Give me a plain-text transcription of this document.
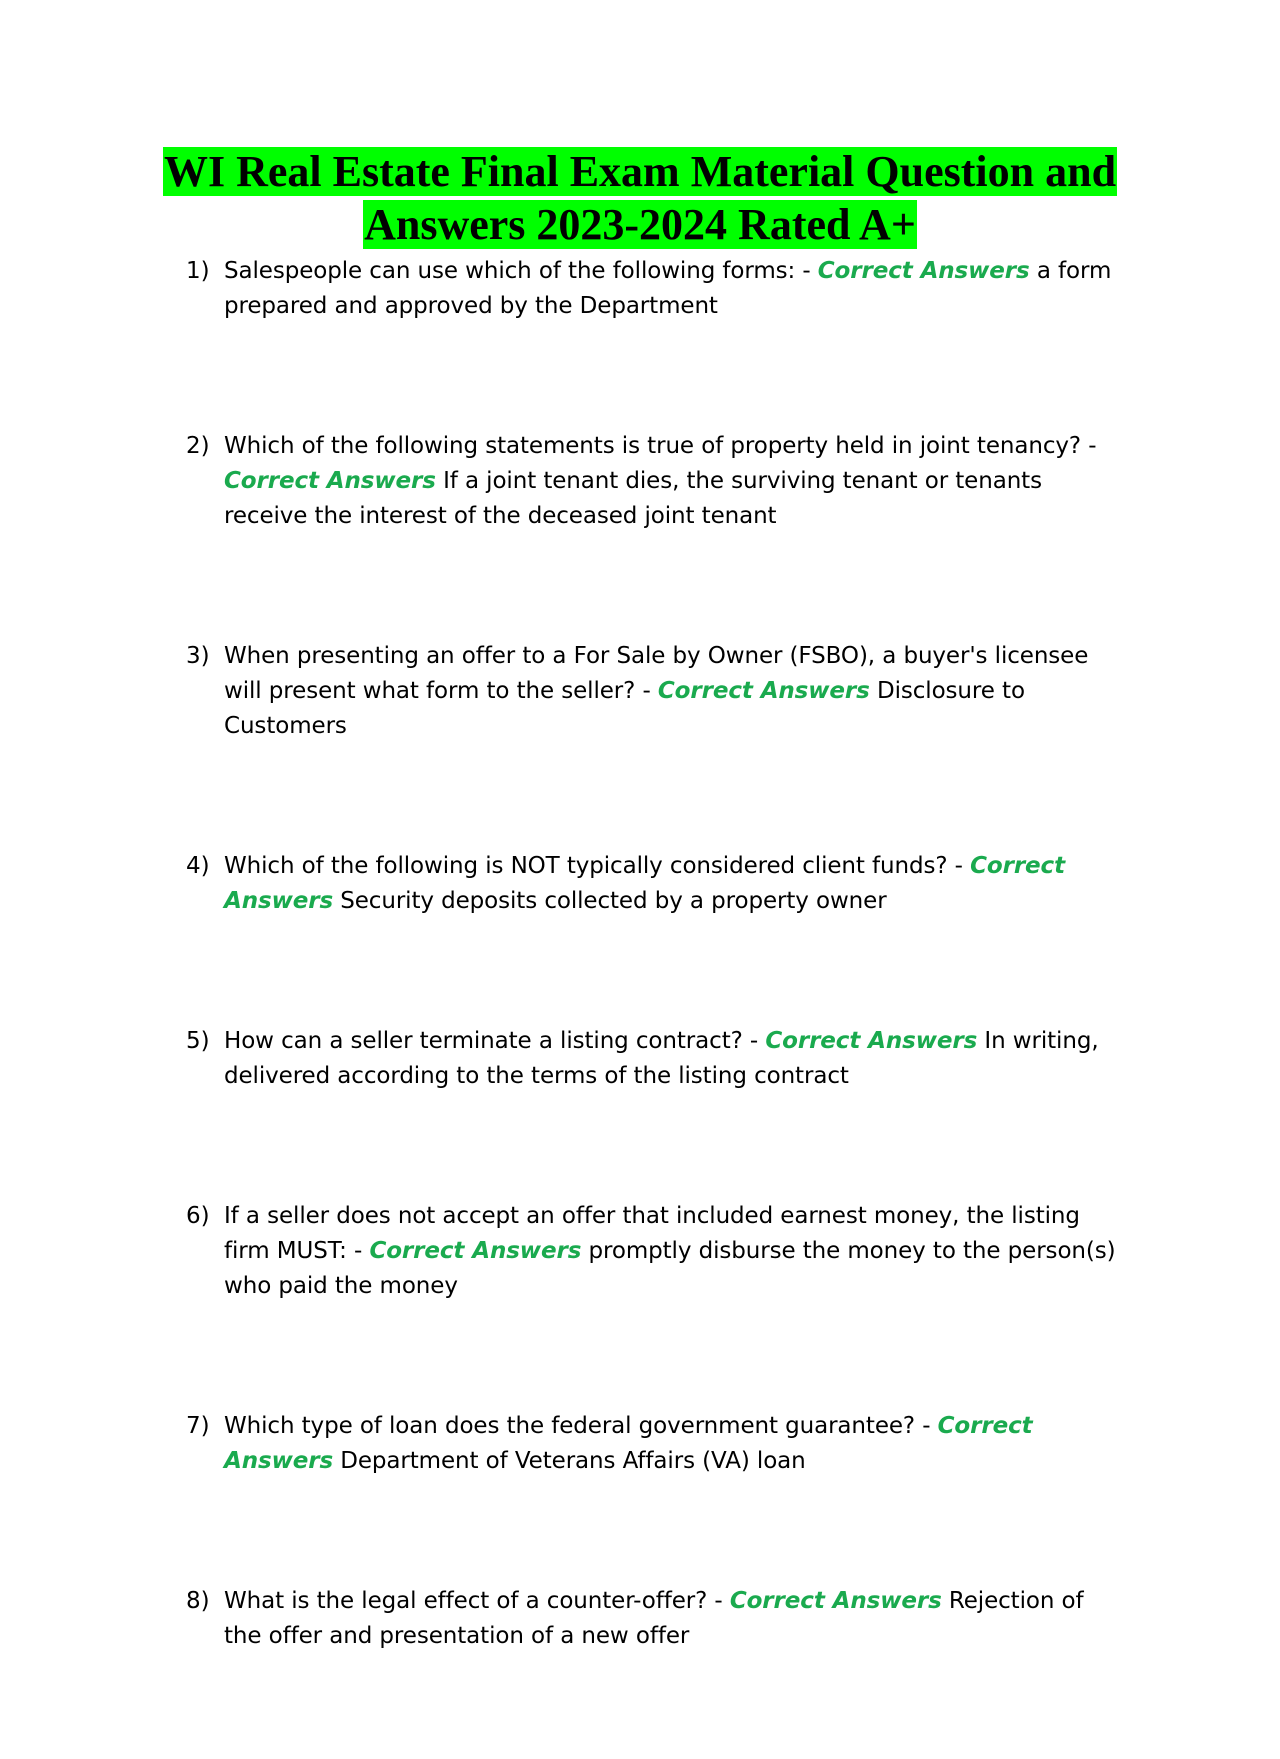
WI Real Estate Final Exam Material Question and Answers 2023-2024 Rated A+
1) Salespeople can use which of the following forms: - Correct Answers a form prepared and approved by the Department
2) Which of the following statements is true of property held in joint tenancy? - Correct Answers If a joint tenant dies, the surviving tenant or tenants receive the interest of the deceased joint tenant
3) When presenting an offer to a For Sale by Owner (FSBO), a buyer's licensee will present what form to the seller? - Correct Answers Disclosure to Customers
4) Which of the following is NOT typically considered client funds? - Correct Answers Security deposits collected by a property owner
5) How can a seller terminate a listing contract? - Correct Answers In writing, delivered according to the terms of the listing contract
6) If a seller does not accept an offer that included earnest money, the listing firm MUST: - Correct Answers promptly disburse the money to the person(s) who paid the money
7) Which type of loan does the federal government guarantee? - Correct Answers Department of Veterans Affairs (VA) loan
8) What is the legal effect of a counter-offer? - Correct Answers Rejection of the offer and presentation of a new offer
